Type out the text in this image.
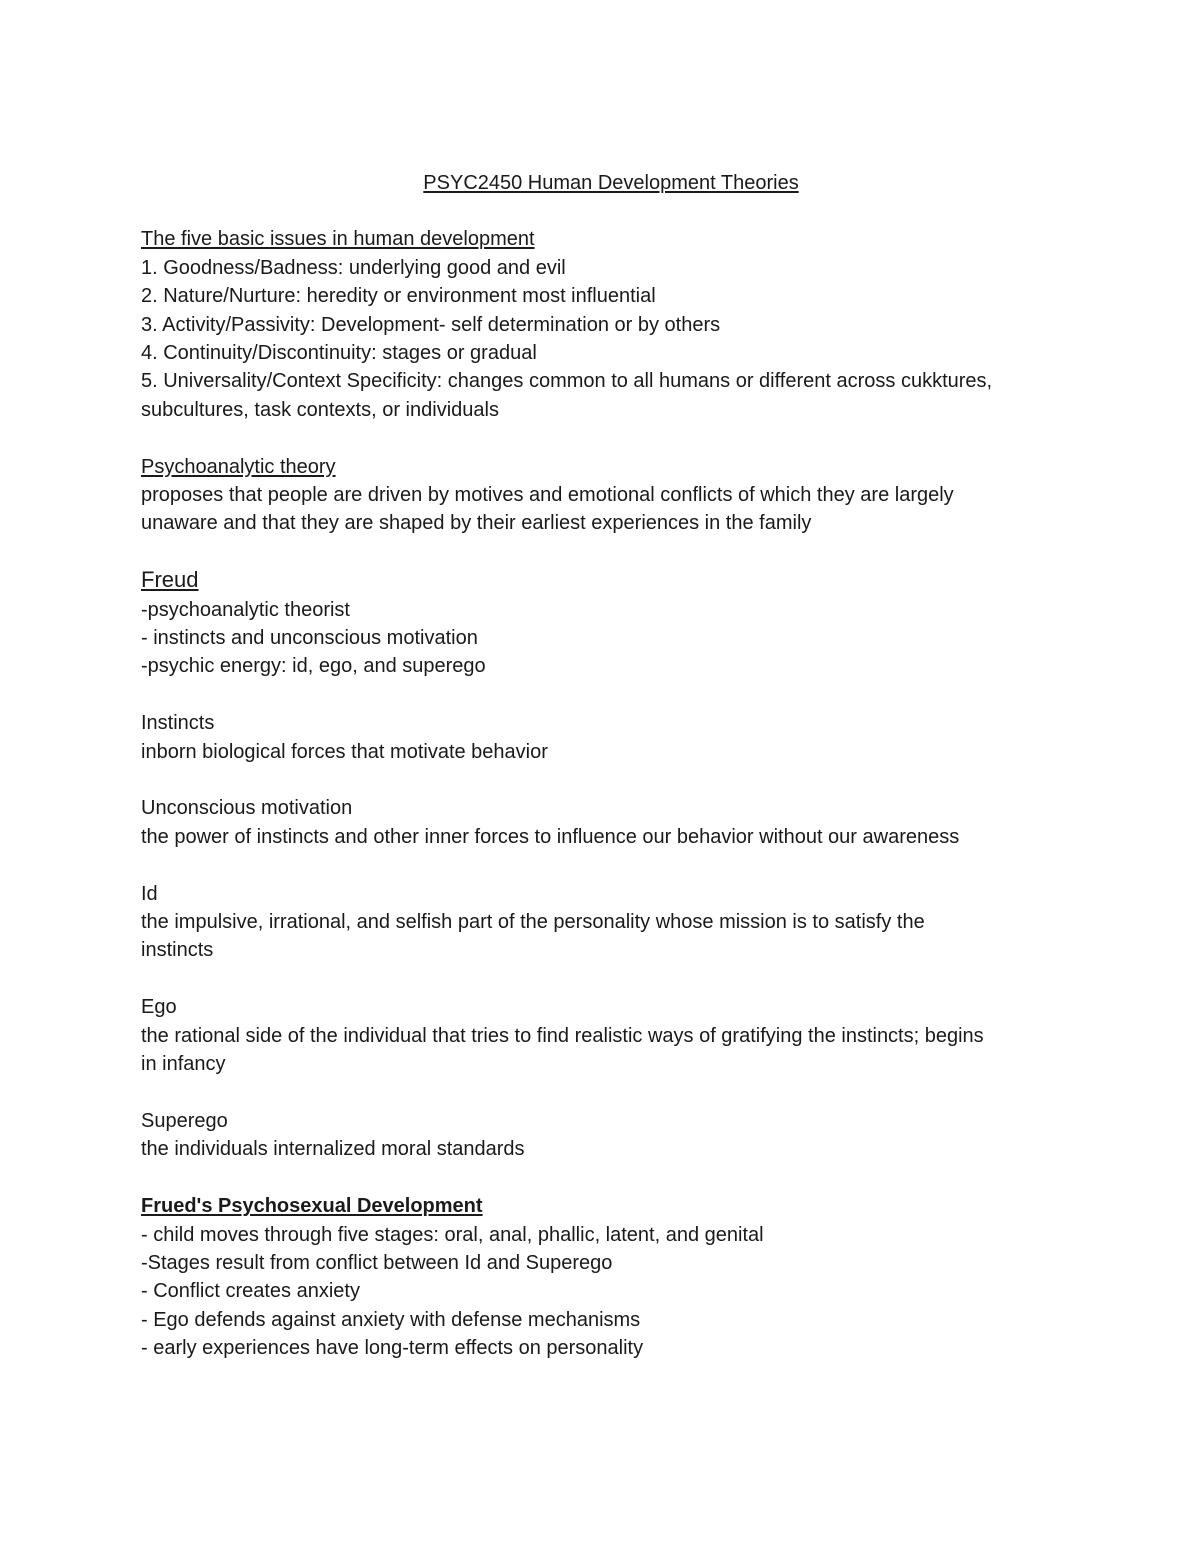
PSYC2450 Human Development Theories
The five basic issues in human development
1. Goodness/Badness: underlying good and evil
2. Nature/Nurture: heredity or environment most influential
3. Activity/Passivity: Development- self determination or by others
4. Continuity/Discontinuity: stages or gradual
5. Universality/Context Specificity: changes common to all humans or different across cukktures,
subcultures, task contexts, or individuals
Psychoanalytic theory
proposes that people are driven by motives and emotional conflicts of which they are largely
unaware and that they are shaped by their earliest experiences in the family
Freud
-psychoanalytic theorist
- instincts and unconscious motivation
-psychic energy: id, ego, and superego
Instincts
inborn biological forces that motivate behavior
Unconscious motivation
the power of instincts and other inner forces to influence our behavior without our awareness
Id
the impulsive, irrational, and selfish part of the personality whose mission is to satisfy the
instincts
Ego
the rational side of the individual that tries to find realistic ways of gratifying the instincts; begins
in infancy
Superego
the individuals internalized moral standards
Frued's Psychosexual Development
- child moves through five stages: oral, anal, phallic, latent, and genital
-Stages result from conflict between Id and Superego
- Conflict creates anxiety
- Ego defends against anxiety with defense mechanisms
- early experiences have long-term effects on personality
